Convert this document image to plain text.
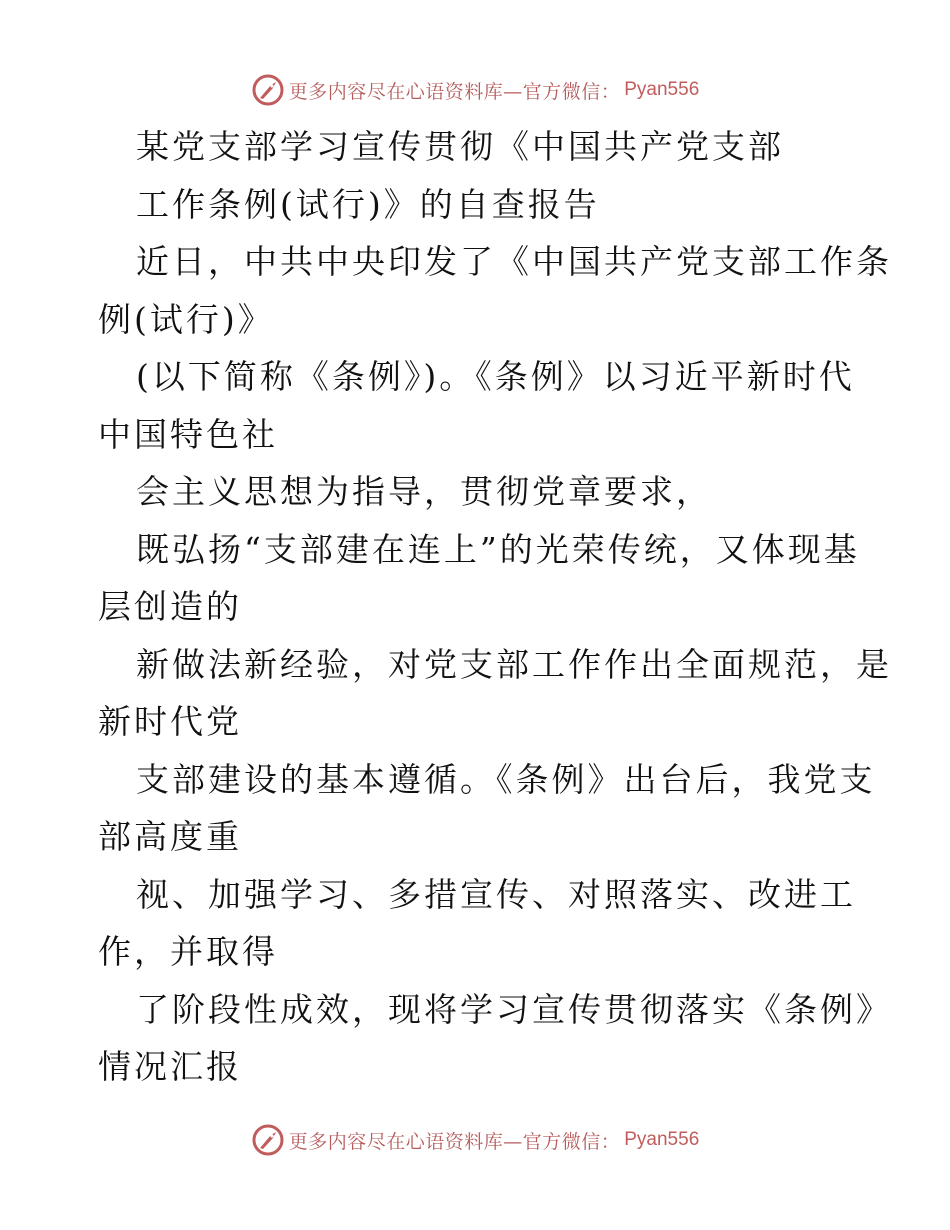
更多内容尽在心语资料库—官方微信： Pyan556
某党支部学习宣传贯彻《中国共产党支部
工作条例(试行)》的自查报告
近日，中共中央印发了《中国共产党支部工作条
例(试行)》
(以下简称《条例》)。《条例》以习近平新时代
中国特色社
会主义思想为指导，贯彻党章要求，
既弘扬“支部建在连上”的光荣传统，又体现基
层创造的
新做法新经验，对党支部工作作出全面规范，是
新时代党
支部建设的基本遵循。《条例》出台后，我党支
部高度重
视、加强学习、多措宣传、对照落实、改进工
作，并取得
了阶段性成效，现将学习宣传贯彻落实《条例》
情况汇报
更多内容尽在心语资料库—官方微信： Pyan556
